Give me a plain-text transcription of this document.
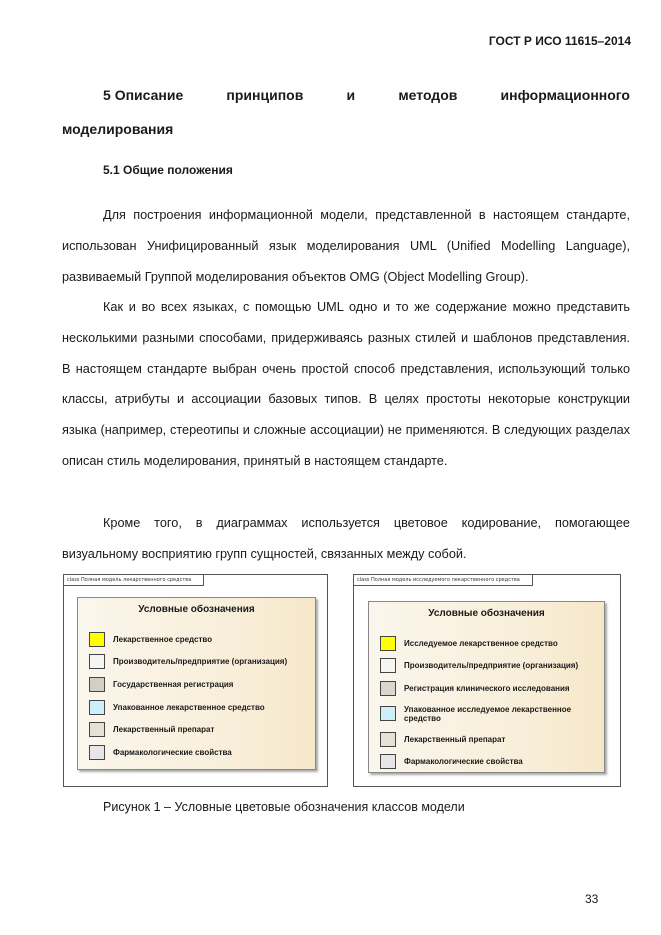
ГОСТ Р ИСО 11615–2014
5 Описание	принципов	и	методов	информационного
моделирования
5.1 Общие положения

Для построения информационной модели, представленной в настоящем стандарте, использован Унифицированный язык моделирования UML (Unified Modelling Language), развиваемый Группой моделирования объектов OMG (Object Modelling Group).

Как и во всех языках, с помощью UML одно и то же содержание можно представить несколькими разными способами, придерживаясь разных стилей и шаблонов представления. В настоящем стандарте выбран очень простой способ представления, использующий только классы, атрибуты и ассоциации базовых типов. В целях простоты некоторые конструкции языка (например, стереотипы и сложные ассоциации) не применяются. В следующих разделах описан стиль моделирования, принятый в настоящем стандарте.

Кроме того, в диаграммах используется цветовое кодирование, помогающее визуальному восприятию групп сущностей, связанных между собой.

class Полная модель лекарственного средства
Условные обозначения
Лекарственное средство
Производитель/предприятие (организация)
Государственная регистрация
Упакованное лекарственное средство
Лекарственный препарат
Фармакологические свойства
class Полная модель исследуемого лекарственного средства
Условные обозначения
Исследуемое лекарственное средство
Производитель/предприятие (организация)
Регистрация клинического исследования
Упакованное исследуемое лекарственное средство
Лекарственный препарат
Фармакологические свойства
Рисунок 1 – Условные цветовые обозначения классов модели
33
